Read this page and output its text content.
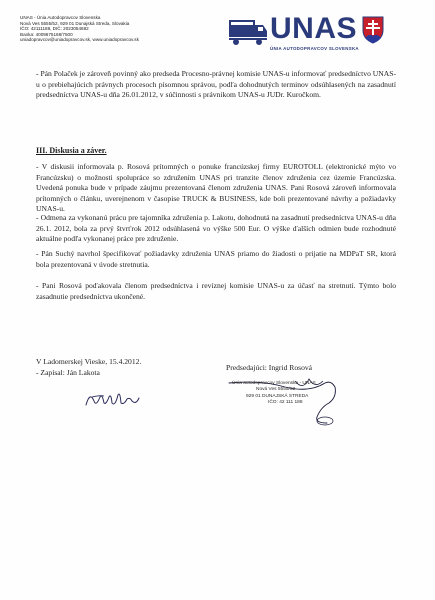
UNAS - Únia Autodopravcov Slovenska
Nová Ves 5555/52, 929 01 Dunajská Streda, Slovakia
IČO: 42111188, DIČ: 2023054682
Banka: 4009675168/7500
uniadopravcov@uniadopravcov.sk, www.uniadopravcov.sk	UNAS
ÚNIA AUTODOPRAVCOV SLOVENSKA
- Pán Polaček je zároveň povinný ako predseda Procesno-právnej komisie UNAS-u informovať predsedníctvo UNAS-u o prebiehajúcich právnych procesoch písomnou správou, podľa dohodnutých terminov odsúhlasených na zasadnutí predsedníctva UNAS-u dňa 26.01.2012, v súčinnosti s právnikom UNAS-u JUDr. Kuročkom.
III. Diskusia a záver.
- V diskusii informovala p. Rosová prítomných o ponuke francúzskej firmy EUROTOLL (elektronické mýto vo Francúzsku) o možnosti spolupráce so združením UNAS pri tranzite členov združenia cez územie Francúzska. Uvedená ponuka bude v prípade záujmu prezentovaná členom združenia UNAS. Pani Rosová zároveň informovala prítomných o článku, uverejnenom v časopise TRUCK & BUSINESS, kde boli prezentované návrhy a požiadavky UNAS-u.
- Odmena za vykonanú prácu pre tajomníka združenia p. Lakotu, dohodnutá na zasadnutí predsedníctva UNAS-u dňa 26.1. 2012, bola za prvý štvrťrok 2012 odsúhlasená vo výške 500 Eur. O výške ďalších odmien bude rozhodnuté aktuálne podľa vykonanej práce pre združenie.
- Pán Suchý navrhol špecifikovať požiadavky združenia UNAS priamo do žiadosti o prijatie na MDPaT SR, ktorá bola prezentovaná v úvode stretnutia.
- Pani Rosová poďakovala členom predsedníctva i revíznej komisie UNAS-u za účasť na stretnutí. Týmto bolo zasadnutie predsedníctva ukončené.
V Ladomerskej Vieske, 15.4.2012.
- Zapísal: Ján Lakota
Predsedajúci: Ingrid Rosová
Únia autodopravcov Slovenska - UNAS
Nová Ves 5555/52
929 01 DUNAJSKÁ STREDA
IČO: 42 111 188
